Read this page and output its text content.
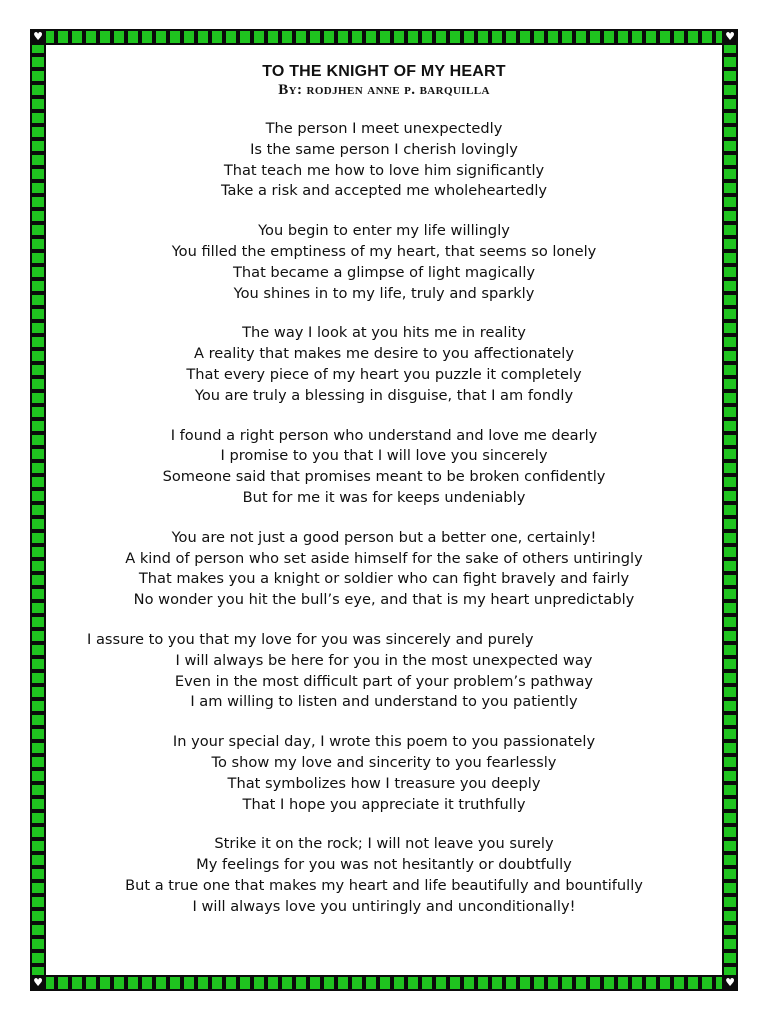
♥	♥
♥	♥
TO THE KNIGHT OF MY HEART
By: rodjhen anne p. barquilla
The person I meet unexpectedly
Is the same person I cherish lovingly
That teach me how to love him significantly
Take a risk and accepted me wholeheartedly
You begin to enter my life willingly
You filled the emptiness of my heart, that seems so lonely
That became a glimpse of light magically
You shines in to my life, truly and sparkly
The way I look at you hits me in reality
A reality that makes me desire to you affectionately
That every piece of my heart you puzzle it completely
You are truly a blessing in disguise, that I am fondly
I found a right person who understand and love me dearly
I promise to you that I will love you sincerely
Someone said that promises meant to be broken confidently
But for me it was for keeps undeniably
You are not just a good person but a better one, certainly!
A kind of person who set aside himself for the sake of others untiringly
That makes you a knight or soldier who can fight bravely and fairly
No wonder you hit the bull’s eye, and that is my heart unpredictably
I assure to you that my love for you was sincerely and purely
I will always be here for you in the most unexpected way
Even in the most difficult part of your problem’s pathway
I am willing to listen and understand to you patiently
In your special day, I wrote this poem to you passionately
To show my love and sincerity to you fearlessly
That symbolizes how I treasure you deeply
That I hope you appreciate it truthfully
Strike it on the rock; I will not leave you surely
My feelings for you was not hesitantly or doubtfully
But a true one that makes my heart and life beautifully and bountifully
I will always love you untiringly and unconditionally!
